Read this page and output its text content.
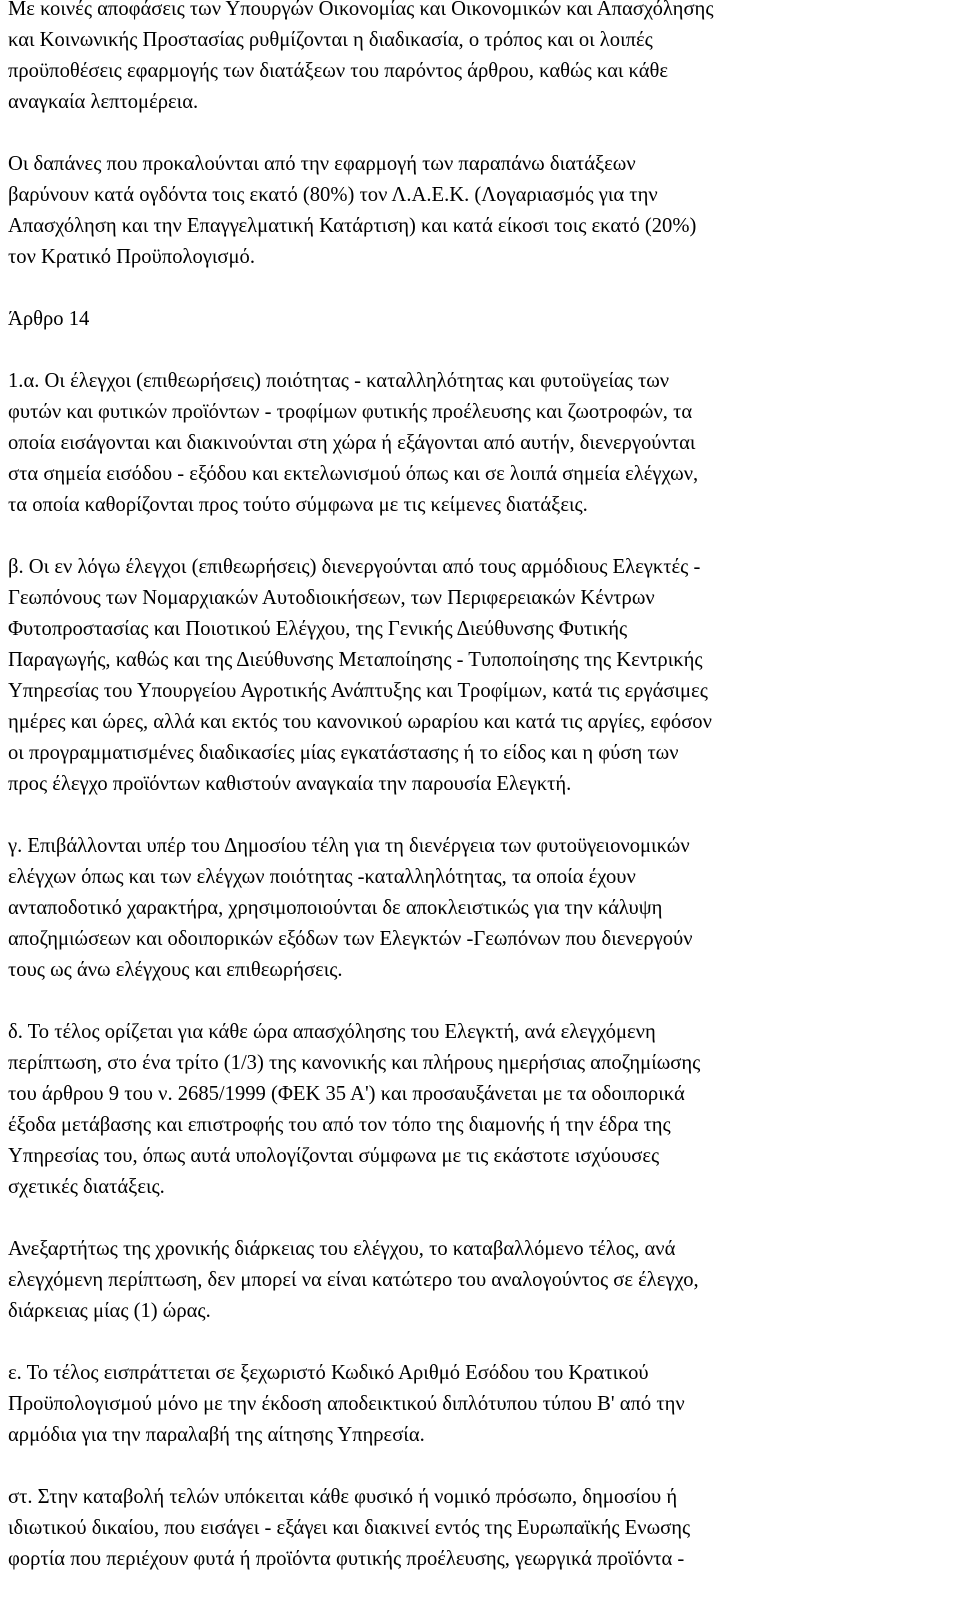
Με κοινές αποφάσεις των Υπουργών Οικονομίας και Οικονομικών και Απασχόλησης
και Κοινωνικής Προστασίας ρυθμίζονται η διαδικασία, ο τρόπος και οι λοιπές
προϋποθέσεις εφαρμογής των διατάξεων του παρόντος άρθρου, καθώς και κάθε
αναγκαία λεπτομέρεια.
Οι δαπάνες που προκαλούνται από την εφαρμογή των παραπάνω διατάξεων
βαρύνουν κατά ογδόντα τοις εκατό (80%) τον Λ.Α.Ε.Κ. (Λογαριασμός για την
Απασχόληση και την Επαγγελματική Κατάρτιση) και κατά είκοσι τοις εκατό (20%)
τον Κρατικό Προϋπολογισμό.
Άρθρο 14
1.α. Οι έλεγχοι (επιθεωρήσεις) ποιότητας - καταλληλότητας και φυτοϋγείας των
φυτών και φυτικών προϊόντων - τροφίμων φυτικής προέλευσης και ζωοτροφών, τα
οποία εισάγονται και διακινούνται στη χώρα ή εξάγονται από αυτήν, διενεργούνται
στα σημεία εισόδου - εξόδου και εκτελωνισμού όπως και σε λοιπά σημεία ελέγχων,
τα οποία καθορίζονται προς τούτο σύμφωνα με τις κείμενες διατάξεις.
β. Οι εν λόγω έλεγχοι (επιθεωρήσεις) διενεργούνται από τους αρμόδιους Ελεγκτές -
Γεωπόνους των Νομαρχιακών Αυτοδιοικήσεων, των Περιφερειακών Κέντρων
Φυτοπροστασίας και Ποιοτικού Ελέγχου, της Γενικής Διεύθυνσης Φυτικής
Παραγωγής, καθώς και της Διεύθυνσης Μεταποίησης - Τυποποίησης της Κεντρικής
Υπηρεσίας του Υπουργείου Αγροτικής Ανάπτυξης και Τροφίμων, κατά τις εργάσιμες
ημέρες και ώρες, αλλά και εκτός του κανονικού ωραρίου και κατά τις αργίες, εφόσον
οι προγραμματισμένες διαδικασίες μίας εγκατάστασης ή το είδος και η φύση των
προς έλεγχο προϊόντων καθιστούν αναγκαία την παρουσία Ελεγκτή.
γ. Επιβάλλονται υπέρ του Δημοσίου τέλη για τη διενέργεια των φυτοϋγειονομικών
ελέγχων όπως και των ελέγχων ποιότητας -καταλληλότητας, τα οποία έχουν
ανταποδοτικό χαρακτήρα, χρησιμοποιούνται δε αποκλειστικώς για την κάλυψη
αποζημιώσεων και οδοιπορικών εξόδων των Ελεγκτών -Γεωπόνων που διενεργούν
τους ως άνω ελέγχους και επιθεωρήσεις.
δ. Το τέλος ορίζεται για κάθε ώρα απασχόλησης του Ελεγκτή, ανά ελεγχόμενη
περίπτωση, στο ένα τρίτο (1/3) της κανονικής και πλήρους ημερήσιας αποζημίωσης
του άρθρου 9 του ν. 2685/1999 (ΦΕΚ 35 Α') και προσαυξάνεται με τα οδοιπορικά
έξοδα μετάβασης και επιστροφής του από τον τόπο της διαμονής ή την έδρα της
Υπηρεσίας του, όπως αυτά υπολογίζονται σύμφωνα με τις εκάστοτε ισχύουσες
σχετικές διατάξεις.
Ανεξαρτήτως της χρονικής διάρκειας του ελέγχου, το καταβαλλόμενο τέλος, ανά
ελεγχόμενη περίπτωση, δεν μπορεί να είναι κατώτερο του αναλογούντος σε έλεγχο,
διάρκειας μίας (1) ώρας.
ε. Το τέλος εισπράττεται σε ξεχωριστό Κωδικό Αριθμό Εσόδου του Κρατικού
Προϋπολογισμού μόνο με την έκδοση αποδεικτικού διπλότυπου τύπου Β' από την
αρμόδια για την παραλαβή της αίτησης Υπηρεσία.
στ. Στην καταβολή τελών υπόκειται κάθε φυσικό ή νομικό πρόσωπο, δημοσίου ή
ιδιωτικού δικαίου, που εισάγει - εξάγει και διακινεί εντός της Ευρωπαϊκής Ενωσης
φορτία που περιέχουν φυτά ή προϊόντα φυτικής προέλευσης, γεωργικά προϊόντα -
